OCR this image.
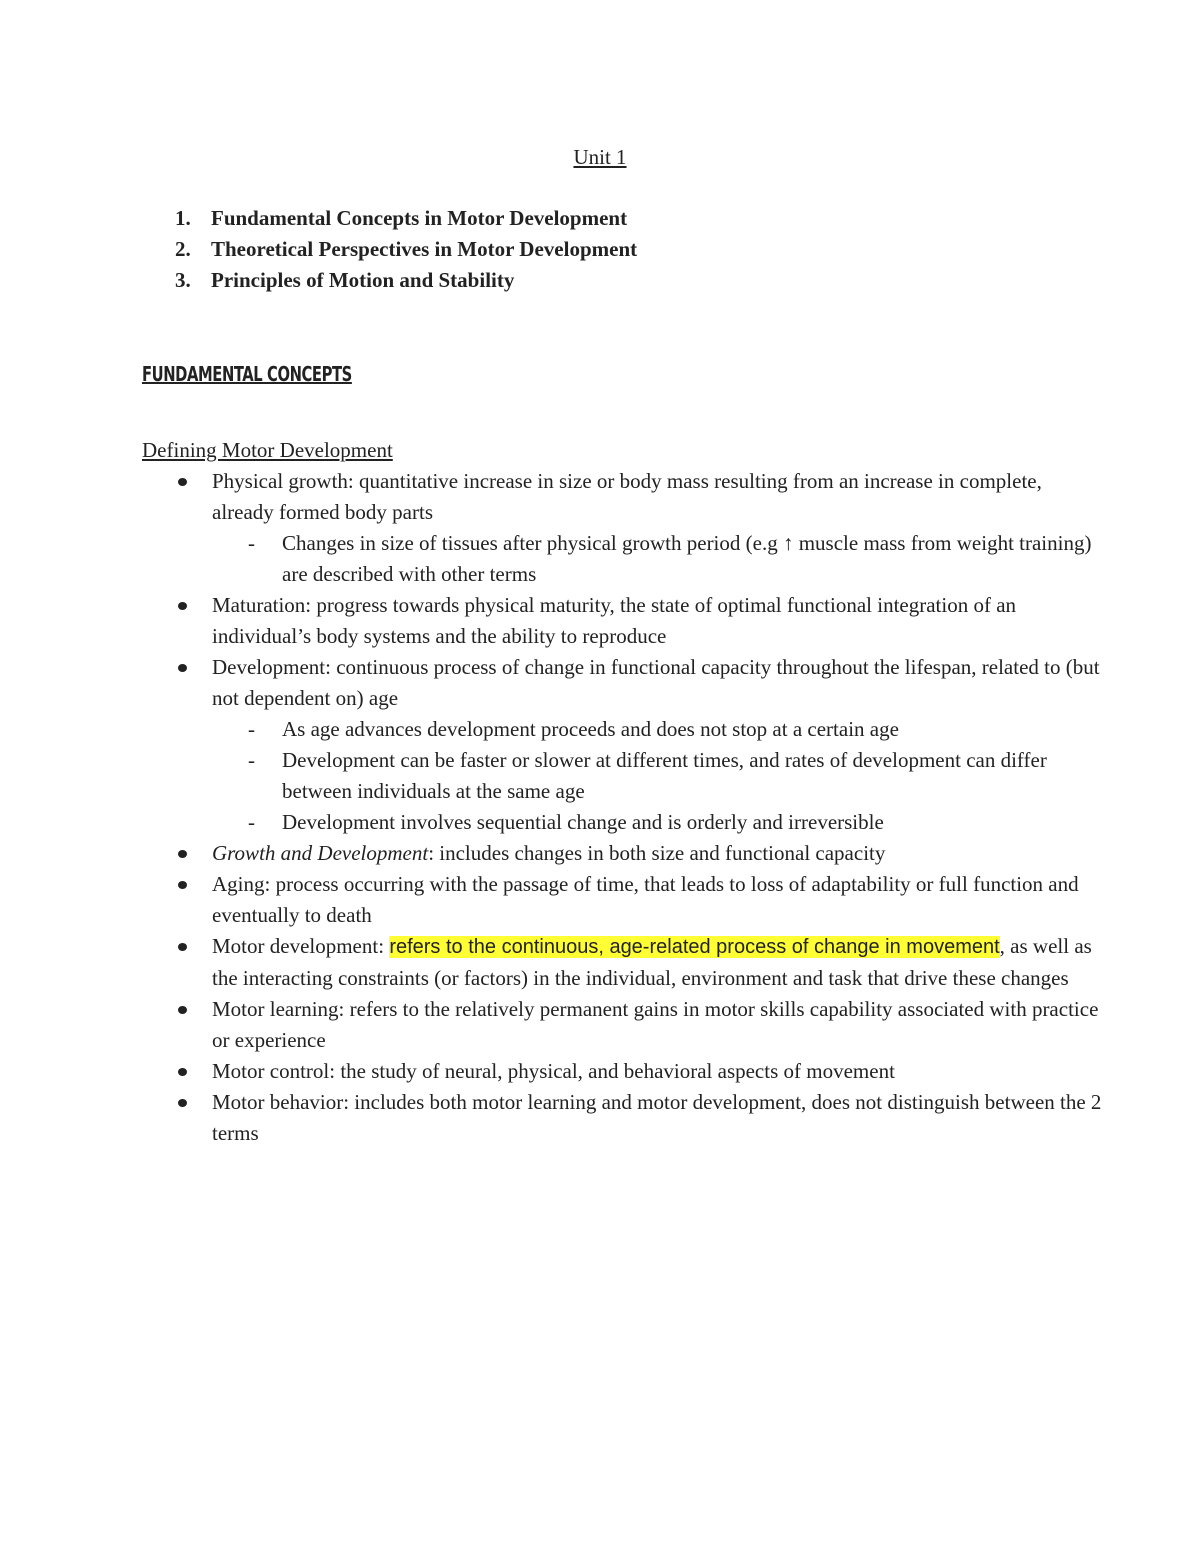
Unit 1
1. Fundamental Concepts in Motor Development
2. Theoretical Perspectives in Motor Development
3. Principles of Motion and Stability
FUNDAMENTAL CONCEPTS
Defining Motor Development
Physical growth: quantitative increase in size or body mass resulting from an increase in complete, already formed body parts
- Changes in size of tissues after physical growth period (e.g ↑ muscle mass from weight training) are described with other terms
Maturation: progress towards physical maturity, the state of optimal functional integration of an individual’s body systems and the ability to reproduce
Development: continuous process of change in functional capacity throughout the lifespan, related to (but not dependent on) age
- As age advances development proceeds and does not stop at a certain age
- Development can be faster or slower at different times, and rates of development can differ between individuals at the same age
- Development involves sequential change and is orderly and irreversible
Growth and Development: includes changes in both size and functional capacity
Aging: process occurring with the passage of time, that leads to loss of adaptability or full function and eventually to death
Motor development: refers to the continuous, age-related process of change in movement, as well as the interacting constraints (or factors) in the individual, environment and task that drive these changes
Motor learning: refers to the relatively permanent gains in motor skills capability associated with practice or experience
Motor control: the study of neural, physical, and behavioral aspects of movement
Motor behavior: includes both motor learning and motor development, does not distinguish between the 2 terms
